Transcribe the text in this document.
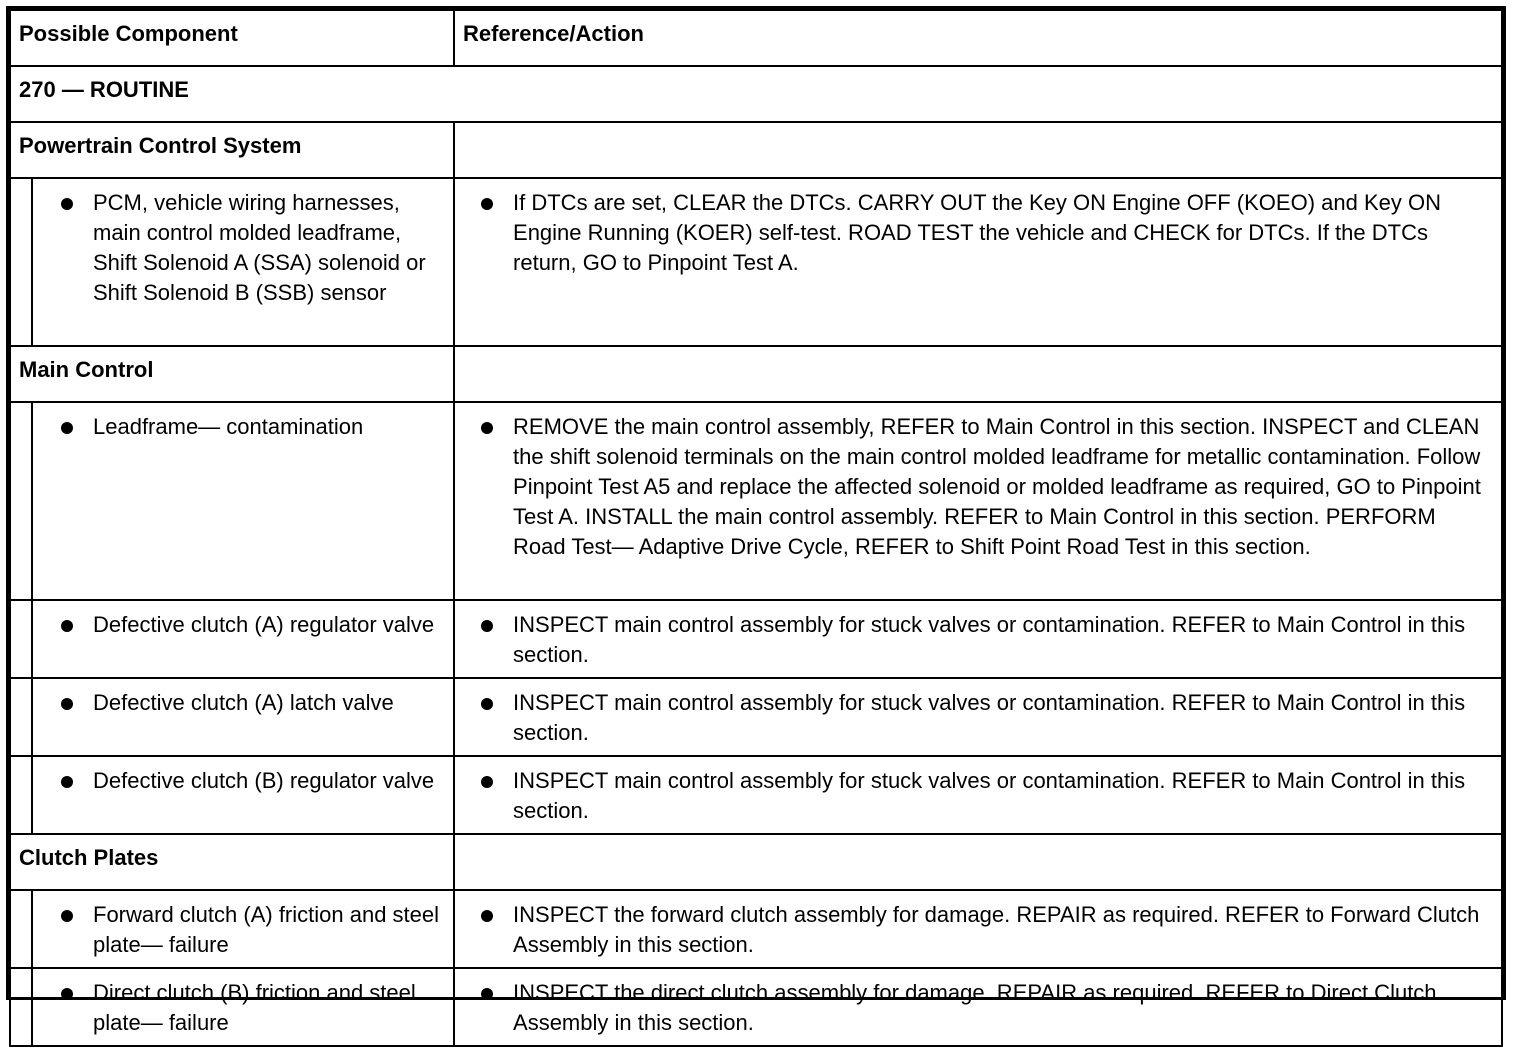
Possible Component		Reference/Action
270 — ROUTINE		
Powertrain Control System		

	PCM, vehicle wiring harnesses, main control molded leadframe, Shift Solenoid A (SSA) solenoid or Shift Solenoid B (SSB) sensor	If DTCs are set, CLEAR the DTCs. CARRY OUT the Key ON Engine OFF (KOEO) and Key ON Engine Running (KOER) self-test. ROAD TEST the vehicle and CHECK for DTCs. If the DTCs return, GO to Pinpoint Test A.

Main Control		

	Leadframe— contamination	REMOVE the main control assembly, REFER to Main Control in this section. INSPECT and CLEAN the shift solenoid terminals on the main control molded leadframe for metallic contamination. Follow Pinpoint Test A5 and replace the affected solenoid or molded leadframe as required, GO to Pinpoint Test A. INSTALL the main control assembly. REFER to Main Control in this section. PERFORM Road Test— Adaptive Drive Cycle, REFER to Shift Point Road Test in this section.

	Defective clutch (A) regulator valve	INSPECT main control assembly for stuck valves or contamination. REFER to Main Control in this section.

	Defective clutch (A) latch valve	INSPECT main control assembly for stuck valves or contamination. REFER to Main Control in this section.

	Defective clutch (B) regulator valve	INSPECT main control assembly for stuck valves or contamination. REFER to Main Control in this section.

Clutch Plates		

	Forward clutch (A) friction and steel plate— failure	INSPECT the forward clutch assembly for damage. REPAIR as required. REFER to Forward Clutch Assembly in this section.

	Direct clutch (B) friction and steel plate— failure	INSPECT the direct clutch assembly for damage. REPAIR as required. REFER to Direct Clutch Assembly in this section.
